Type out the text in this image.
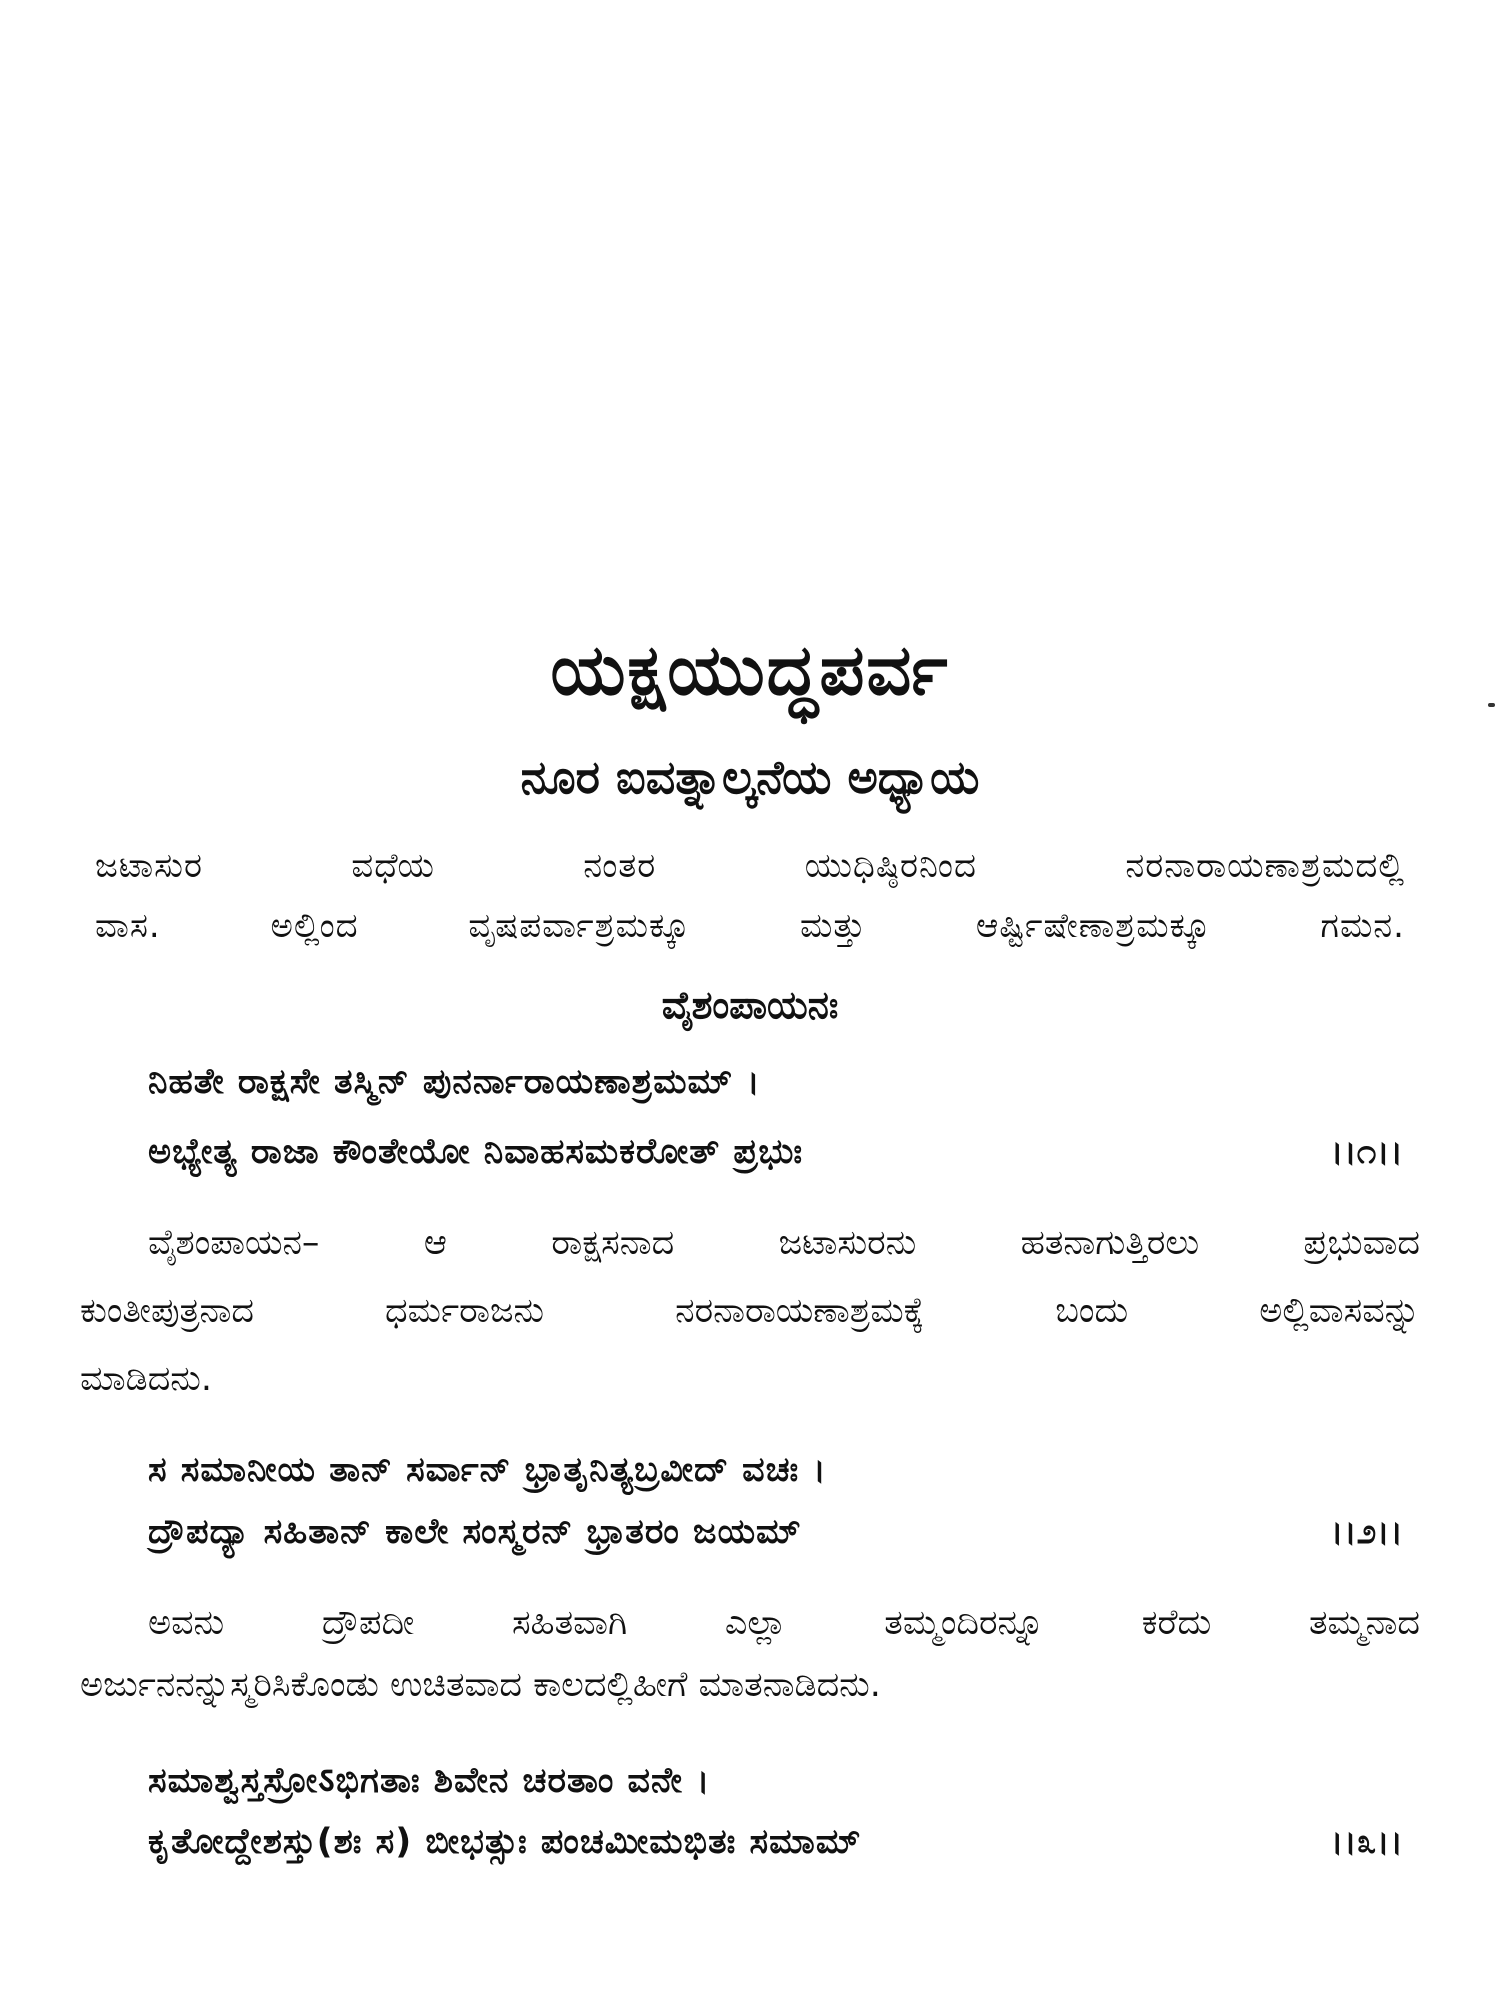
ಯಕ್ಷಯುದ್ಧಪರ್ವ
ನೂರ ಐವತ್ನಾಲ್ಕನೆಯ ಅಧ್ಯಾಯ
ಜಟಾಸುರ ವಧೆಯ ನಂತರ ಯುಧಿಷ್ಠಿರನಿಂದ ನರನಾರಾಯಣಾಶ್ರಮದಲ್ಲಿ
ವಾಸ. ಅಲ್ಲಿಂದ ವೃಷಪರ್ವಾಶ್ರಮಕ್ಕೂ ಮತ್ತು ಆರ್ಷ್ಟಿಷೇಣಾಶ್ರಮಕ್ಕೂ ಗಮನ.
ವೈಶಂಪಾಯನಃ
ನಿಹತೇ ರಾಕ್ಷಸೇ ತಸ್ಮಿನ್ ಪುನರ್ನಾರಾಯಣಾಶ್ರಮಮ್ ।
ಅಭ್ಯೇತ್ಯ ರಾಜಾ ಕೌಂತೇಯೋ ನಿವಾಹಸಮಕರೋತ್ ಪ್ರಭುಃ	।।೧।।
ವೈಶಂಪಾಯನ– ಆ ರಾಕ್ಷಸನಾದ ಜಟಾಸುರನು ಹತನಾಗುತ್ತಿರಲು ಪ್ರಭುವಾದ
ಕುಂತೀಪುತ್ರನಾದ ಧರ್ಮರಾಜನು ನರನಾರಾಯಣಾಶ್ರಮಕ್ಕೆ ಬಂದು ಅಲ್ಲಿವಾಸವನ್ನು
ಮಾಡಿದನು.
ಸ ಸಮಾನೀಯ ತಾನ್ ಸರ್ವಾನ್ ಭ್ರಾತೃನಿತ್ಯಬ್ರವೀದ್ ವಚಃ ।
ದ್ರೌಪದ್ಯಾ ಸಹಿತಾನ್ ಕಾಲೇ ಸಂಸ್ಮರನ್ ಭ್ರಾತರಂ ಜಯಮ್	।।೨।।
ಅವನು ದ್ರೌಪದೀ ಸಹಿತವಾಗಿ ಎಲ್ಲಾ ತಮ್ಮಂದಿರನ್ನೂ ಕರೆದು ತಮ್ಮನಾದ
ಅರ್ಜುನನನ್ನುಸ್ಮರಿಸಿಕೊಂಡು ಉಚಿತವಾದ ಕಾಲದಲ್ಲಿಹೀಗೆ ಮಾತನಾಡಿದನು.
ಸಮಾಶ್ವಸ್ತಸ್ರೋऽಭಿಗತಾಃ ಶಿವೇನ ಚರತಾಂ ವನೇ ।
ಕೃತೋದ್ದೇಶಸ್ತು(ಶಃ ಸ) ಬೀಭತ್ಸುಃ ಪಂಚಮೀಮಭಿತಃ ಸಮಾಮ್	।।೩।।
